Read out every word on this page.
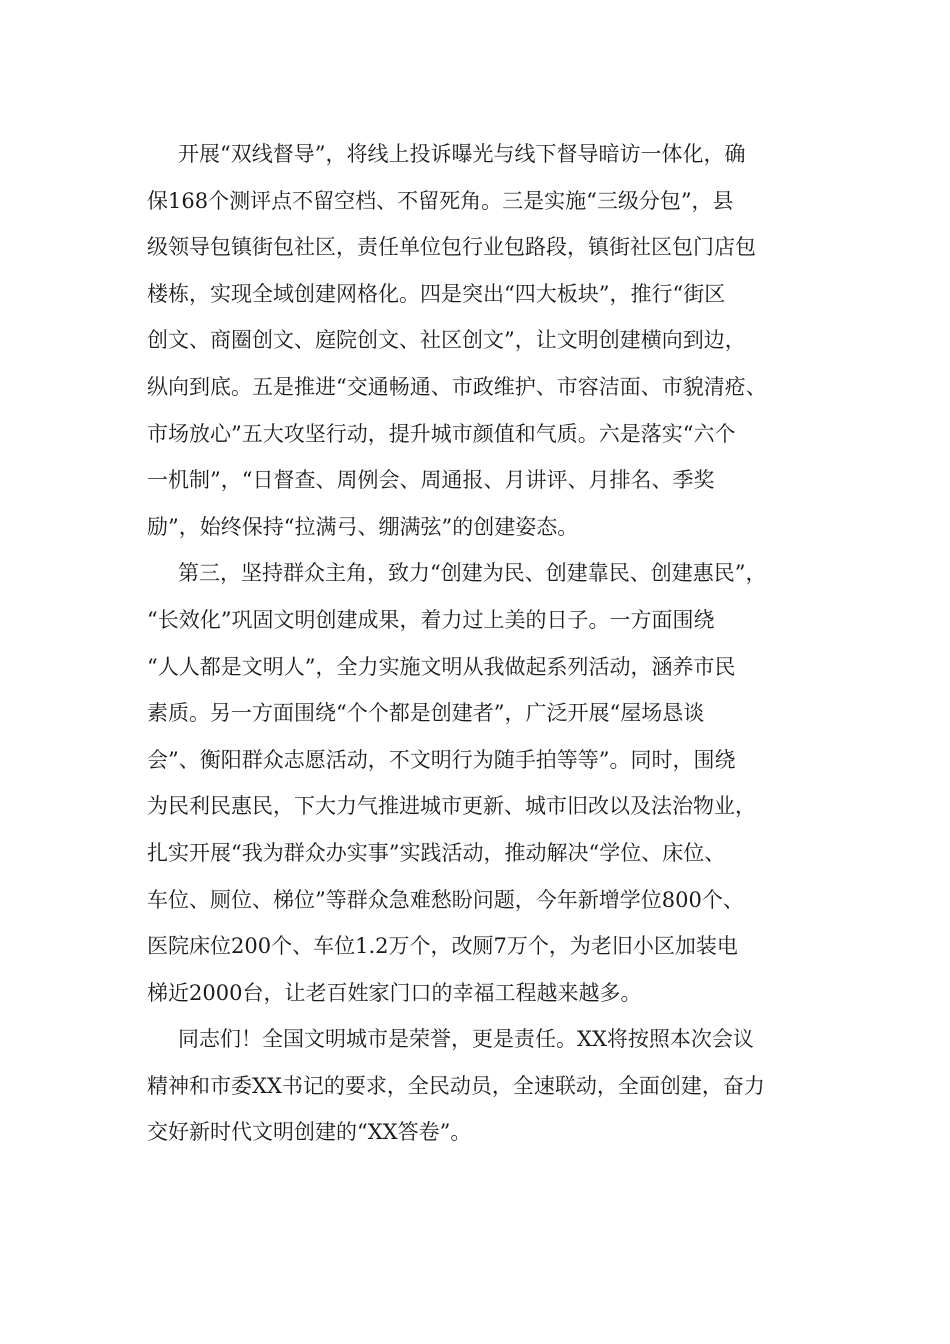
开展“双线督导”，将线上投诉曝光与线下督导暗访一体化，确
保168个测评点不留空档、不留死角。三是实施“三级分包”，县
级领导包镇街包社区，责任单位包行业包路段，镇街社区包门店包
楼栋，实现全域创建网格化。四是突出“四大板块”，推行“街区
创文、商圈创文、庭院创文、社区创文”，让文明创建横向到边，
纵向到底。五是推进“交通畅通、市政维护、市容洁面、市貌清疮、
市场放心”五大攻坚行动，提升城市颜值和气质。六是落实“六个
一机制”，“日督查、周例会、周通报、月讲评、月排名、季奖
励”，始终保持“拉满弓、绷满弦”的创建姿态。
第三，坚持群众主角，致力“创建为民、创建靠民、创建惠民”，
“长效化”巩固文明创建成果，着力过上美的日子。一方面围绕
“人人都是文明人”，全力实施文明从我做起系列活动，涵养市民
素质。另一方面围绕“个个都是创建者”，广泛开展“屋场恳谈
会”、衡阳群众志愿活动，不文明行为随手拍等等”。同时，围绕
为民利民惠民，下大力气推进城市更新、城市旧改以及法治物业，
扎实开展“我为群众办实事”实践活动，推动解决“学位、床位、
车位、厕位、梯位”等群众急难愁盼问题，今年新增学位800个、
医院床位200个、车位1.2万个，改厕7万个，为老旧小区加装电
梯近2000台，让老百姓家门口的幸福工程越来越多。
同志们！全国文明城市是荣誉，更是责任。XX将按照本次会议
精神和市委XX书记的要求，全民动员，全速联动，全面创建，奋力
交好新时代文明创建的“XX答卷”。
